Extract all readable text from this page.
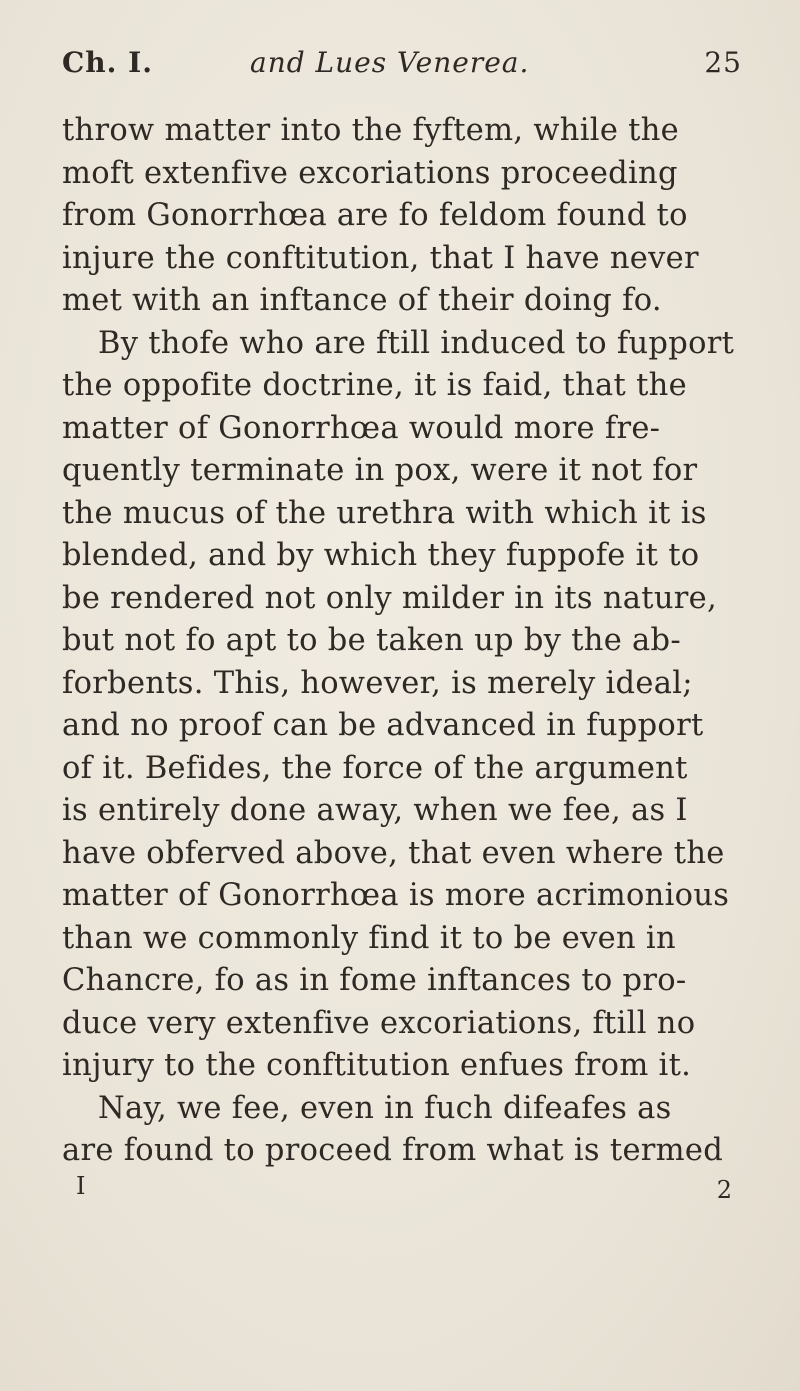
Ch. I.	and Lues Venerea.	25
throw matter into the fyftem, while the
moft extenfive excoriations proceeding
from Gonorrhœa are fo feldom found to
injure the conftitution, that I have never
met with an inftance of their doing fo.
By thofe who are ftill induced to fupport
the oppofite doctrine, it is faid, that the
matter of Gonorrhœa would more fre-
quently terminate in pox, were it not for
the mucus of the urethra with which it is
blended, and by which they fuppofe it to
be rendered not only milder in its nature,
but not fo apt to be taken up by the ab-
forbents. This, however, is merely ideal;
and no proof can be advanced in fupport
of it. Befides, the force of the argument
is entirely done away, when we fee, as I
have obferved above, that even where the
matter of Gonorrhœa is more acrimonious
than we commonly find it to be even in
Chancre, fo as in fome inftances to pro-
duce very extenfive excoriations, ftill no
injury to the conftitution enfues from it.
Nay, we fee, even in fuch difeafes as
are found to proceed from what is termed
I	2
